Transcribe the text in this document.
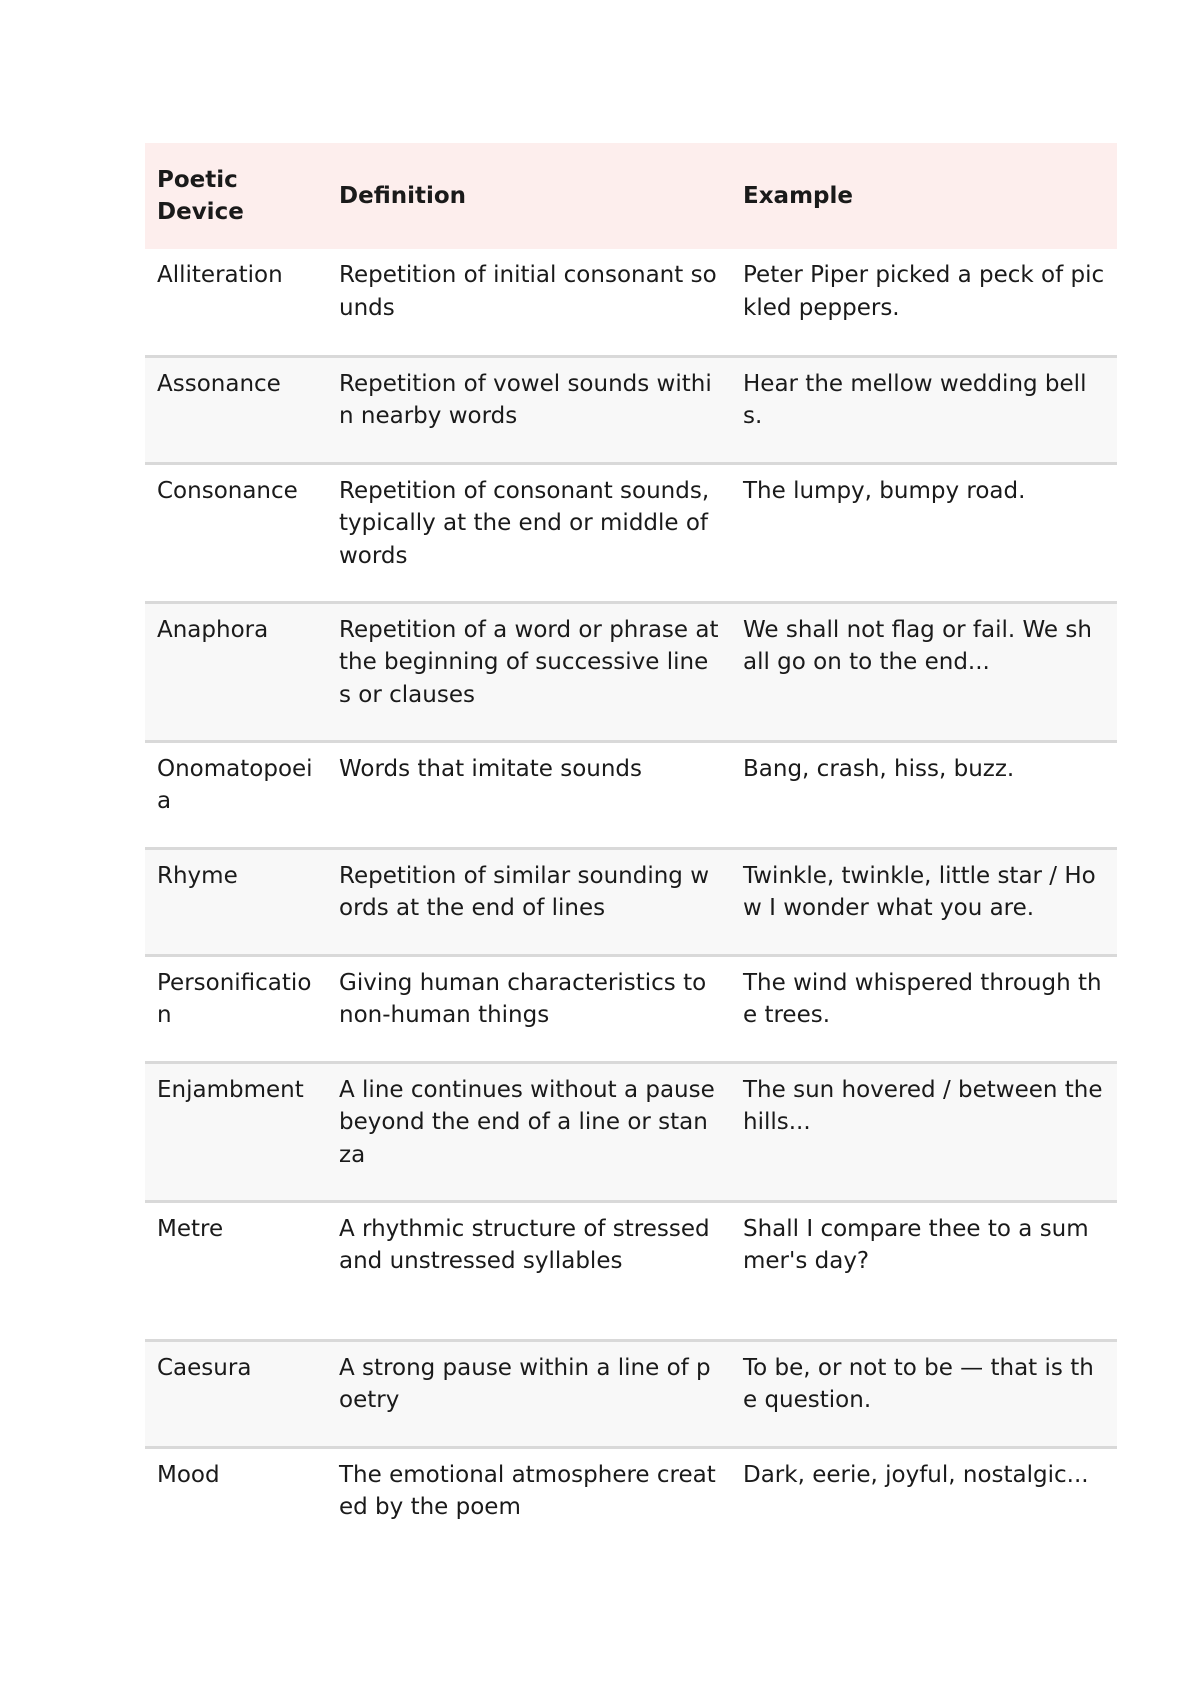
Poetic Device	Definition	Example
Alliteration	Repetition of initial consonant sounds	Peter Piper picked a peck of pickled peppers.
Assonance	Repetition of vowel sounds within nearby words	Hear the mellow wedding bells.
Consonance	Repetition of consonant sounds, typically at the end or middle of words	The lumpy, bumpy road.
Anaphora	Repetition of a word or phrase at the beginning of successive lines or clauses	We shall not flag or fail. We shall go on to the end...
Onomatopoeia	Words that imitate sounds	Bang, crash, hiss, buzz.
Rhyme	Repetition of similar sounding words at the end of lines	Twinkle, twinkle, little star / How I wonder what you are.
Personification	Giving human characteristics to non-human things	The wind whispered through the trees.
Enjambment	A line continues without a pause beyond the end of a line or stanza	The sun hovered / between the hills...
Metre	A rhythmic structure of stressed and unstressed syllables	Shall I compare thee to a summer's day?
Caesura	A strong pause within a line of poetry	To be, or not to be — that is the question.
Mood	The emotional atmosphere created by the poem	Dark, eerie, joyful, nostalgic...
